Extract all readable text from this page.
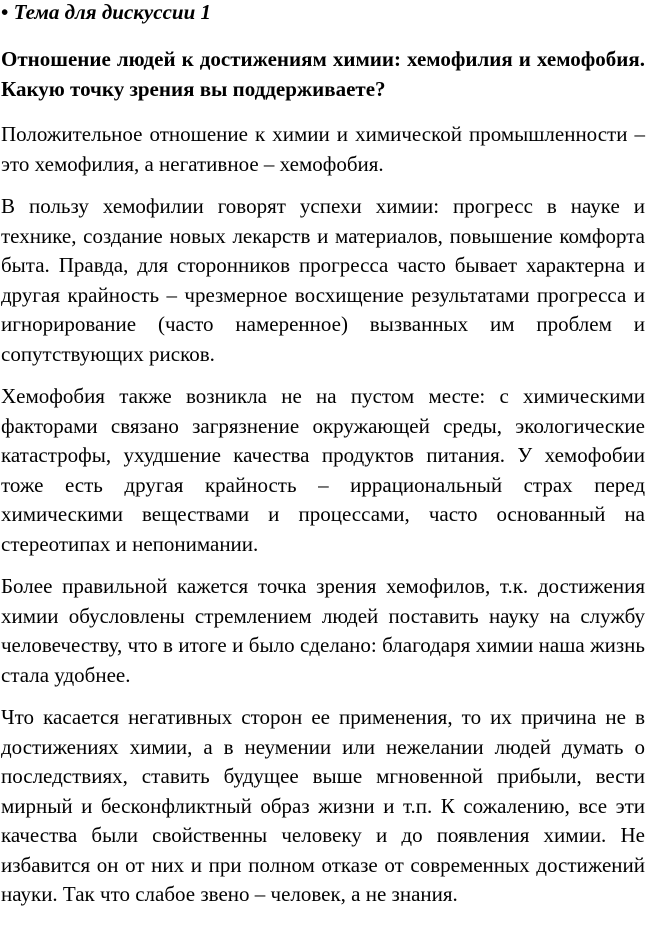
• Тема для дискуссии 1

Отношение людей к достижениям химии: хемофилия и хемофобия. Какую точку зрения вы поддерживаете?

Положительное отношение к химии и химической промышленности – это хемофилия, а негативное – хемофобия.

В пользу хемофилии говорят успехи химии: прогресс в науке и технике, создание новых лекарств и материалов, повышение комфорта быта. Правда, для сторонников прогресса часто бывает характерна и другая крайность – чрезмерное восхищение результатами прогресса и игнорирование (часто намеренное) вызванных им проблем и сопутствующих рисков.

Хемофобия также возникла не на пустом месте: с химическими факторами связано загрязнение окружающей среды, экологические катастрофы, ухудшение качества продуктов питания. У хемофобии тоже есть другая крайность – иррациональный страх перед химическими веществами и процессами, часто основанный на стереотипах и непонимании.

Более правильной кажется точка зрения хемофилов, т.к. достижения химии обусловлены стремлением людей поставить науку на службу человечеству, что в итоге и было сделано: благодаря химии наша жизнь стала удобнее.

Что касается негативных сторон ее применения, то их причина не в достижениях химии, а в неумении или нежелании людей думать о последствиях, ставить будущее выше мгновенной прибыли, вести мирный и бесконфликтный образ жизни и т.п. К сожалению, все эти качества были свойственны человеку и до появления химии. Не избавится он от них и при полном отказе от современных достижений науки. Так что слабое звено – человек, а не знания.
